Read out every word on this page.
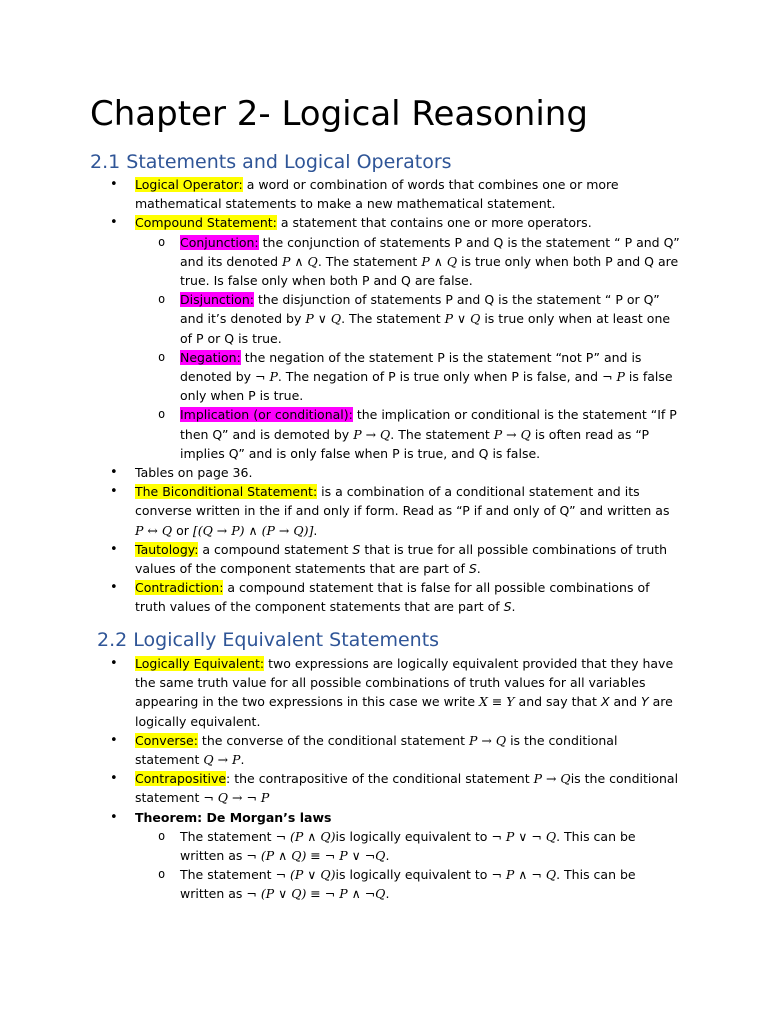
Chapter 2- Logical Reasoning
2.1 Statements and Logical Operators
• Logical Operator: a word or combination of words that combines one or more mathematical statements to make a new mathematical statement.
• Compound Statement: a statement that contains one or more operators.
o Conjunction: the conjunction of statements P and Q is the statement “ P and Q” and its denoted P ∧ Q. The statement P ∧ Q is true only when both P and Q are true. Is false only when both P and Q are false.
o Disjunction: the disjunction of statements P and Q is the statement “ P or Q” and it’s denoted by P ∨ Q. The statement P ∨ Q is true only when at least one of P or Q is true.
o Negation: the negation of the statement P is the statement “not P” and is denoted by ¬ P. The negation of P is true only when P is false, and ¬ P is false only when P is true.
o Implication (or conditional): the implication or conditional is the statement “If P then Q” and is demoted by P → Q. The statement P → Q is often read as “P implies Q” and is only false when P is true, and Q is false.
• Tables on page 36.
• The Biconditional Statement: is a combination of a conditional statement and its converse written in the if and only if form. Read as “P if and only of Q” and written as P ↔ Q or [(Q → P) ∧ (P → Q)].
• Tautology: a compound statement S that is true for all possible combinations of truth values of the component statements that are part of S.
• Contradiction: a compound statement that is false for all possible combinations of truth values of the component statements that are part of S.
2.2 Logically Equivalent Statements
• Logically Equivalent: two expressions are logically equivalent provided that they have the same truth value for all possible combinations of truth values for all variables appearing in the two expressions in this case we write X ≡ Y and say that X and Y are logically equivalent.
• Converse: the converse of the conditional statement P → Q is the conditional statement Q → P.
• Contrapositive: the contrapositive of the conditional statement P → Qis the conditional statement ¬ Q → ¬ P
• Theorem: De Morgan’s laws
o The statement ¬ (P ∧ Q)is logically equivalent to ¬ P ∨ ¬ Q. This can be written as ¬ (P ∧ Q) ≡ ¬ P ∨ ¬Q.
o The statement ¬ (P ∨ Q)is logically equivalent to ¬ P ∧ ¬ Q. This can be written as ¬ (P ∨ Q) ≡ ¬ P ∧ ¬Q.
